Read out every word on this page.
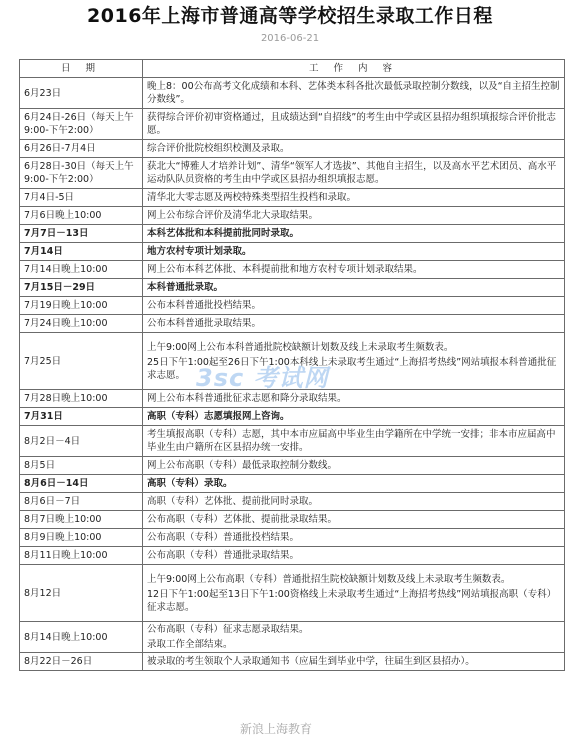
2016年上海市普通高等学校招生录取工作日程
2016-06-21
日 期	工 作 内 容
6月23日	晚上8：00公布高考文化成绩和本科、艺体类本科各批次最低录取控制分数线，以及“自主招生控制分数线”。

6月24日-26日（每天上午9:00-下午2:00）	获得综合评价初审资格通过，且成绩达到“自招线”的考生由中学或区县招办组织填报综合评价批志愿。

6月26日-7月4日	综合评价批院校组织校测及录取。

6月28日-30日（每天上午9:00-下午2:00）	获北大“博雅人才培养计划”、清华“领军人才选拔”、其他自主招生，以及高水平艺术团员、高水平运动队队员资格的考生由中学或区县招办组织填报志愿。

7月4日-5日	清华北大零志愿及两校特殊类型招生投档和录取。

7月6日晚上10:00	网上公布综合评价及清华北大录取结果。

7月7日－13日	本科艺体批和本科提前批同时录取。

7月14日	地方农村专项计划录取。

7月14日晚上10:00	网上公布本科艺体批、本科提前批和地方农村专项计划录取结果。

7月15日－29日	本科普通批录取。

7月19日晚上10:00	公布本科普通批投档结果。

7月24日晚上10:00	公布本科普通批录取结果。

7月25日	上午9:00网上公布本科普通批院校缺额计划数及线上未录取考生频数表。
25日下午1:00起至26日下午1:00本科线上未录取考生通过“上海招考热线”网站填报本科普通批征求志愿。

7月28日晚上10:00	网上公布本科普通批征求志愿和降分录取结果。

7月31日	高职（专科）志愿填报网上咨询。

8月2日－4日	考生填报高职（专科）志愿，其中本市应届高中毕业生由学籍所在中学统一安排；非本市应届高中毕业生由户籍所在区县招办统一安排。

8月5日	网上公布高职（专科）最低录取控制分数线。

8月6日－14日	高职（专科）录取。

8月6日－7日	高职（专科）艺体批、提前批同时录取。

8月7日晚上10:00	公布高职（专科）艺体批、提前批录取结果。

8月9日晚上10:00	公布高职（专科）普通批投档结果。

8月11日晚上10:00	公布高职（专科）普通批录取结果。

8月12日	上午9:00网上公布高职（专科）普通批招生院校缺额计划数及线上未录取考生频数表。
12日下午1:00起至13日下午1:00资格线上未录取考生通过“上海招考热线”网站填报高职（专科）征求志愿。

8月14日晚上10:00	公布高职（专科）征求志愿录取结果。
录取工作全部结束。

8月22日－26日	被录取的考生领取个人录取通知书（应届生到毕业中学，往届生到区县招办）。
3sc 考试网
新浪上海教育
